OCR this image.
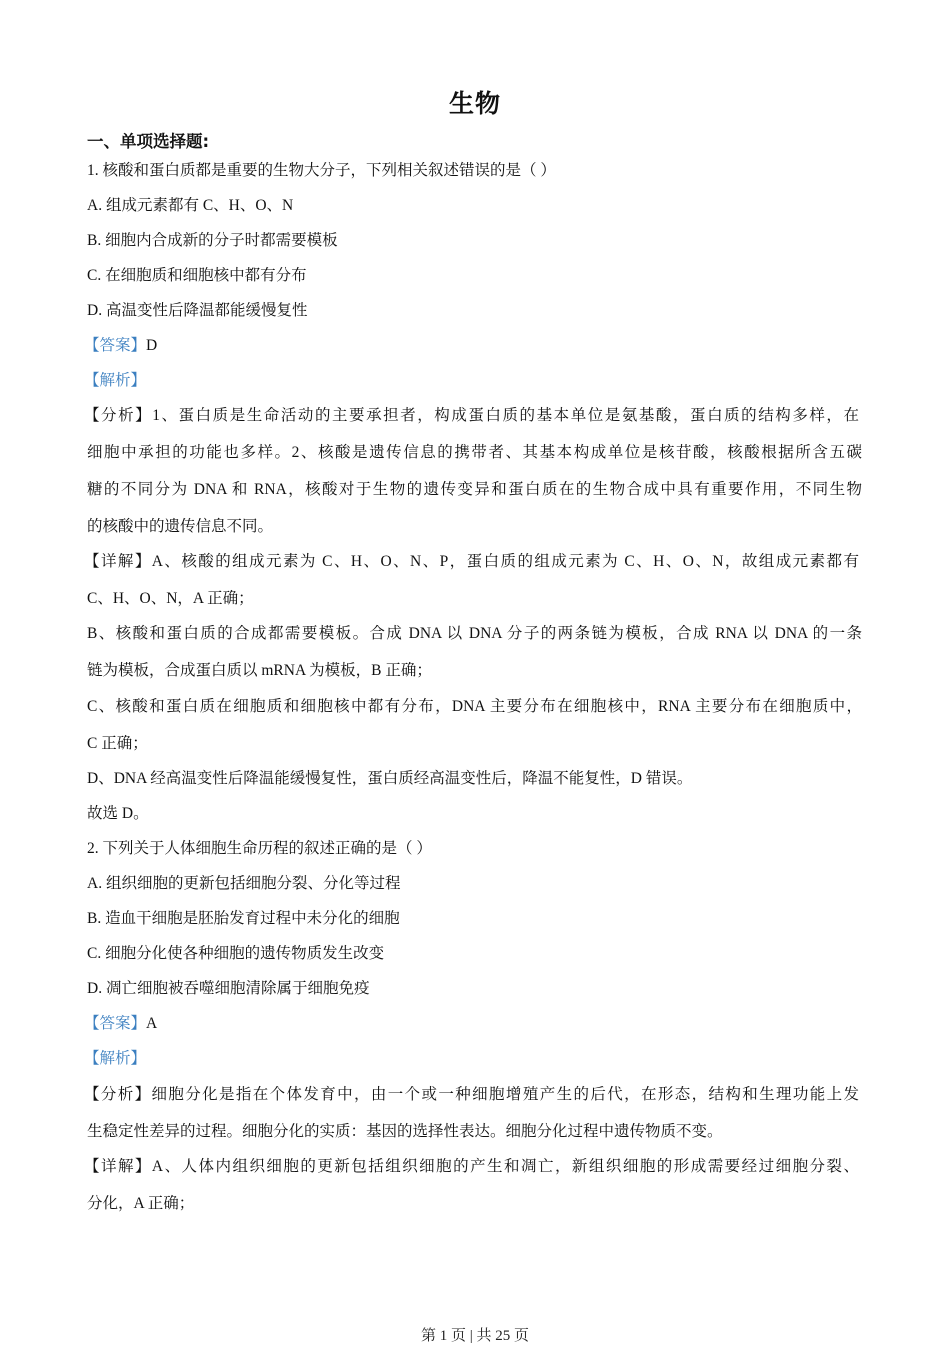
生物
一、单项选择题:
1. 核酸和蛋白质都是重要的生物大分子，下列相关叙述错误的是（ ）
A. 组成元素都有 C、H、O、N
B. 细胞内合成新的分子时都需要模板
C. 在细胞质和细胞核中都有分布
D. 高温变性后降温都能缓慢复性
【答案】D
【解析】
【分析】1、蛋白质是生命活动的主要承担者，构成蛋白质的基本单位是氨基酸，蛋白质的结构多样，在
细胞中承担的功能也多样。2、核酸是遗传信息的携带者、其基本构成单位是核苷酸，核酸根据所含五碳
糖的不同分为 DNA 和 RNA，核酸对于生物的遗传变异和蛋白质在的生物合成中具有重要作用，不同生物
的核酸中的遗传信息不同。
【详解】A、核酸的组成元素为 C、H、O、N、P，蛋白质的组成元素为 C、H、O、N，故组成元素都有
C、H、O、N，A 正确；
B、核酸和蛋白质的合成都需要模板。合成 DNA 以 DNA 分子的两条链为模板，合成 RNA 以 DNA 的一条
链为模板，合成蛋白质以 mRNA 为模板，B 正确；
C、核酸和蛋白质在细胞质和细胞核中都有分布，DNA 主要分布在细胞核中，RNA 主要分布在细胞质中，
C 正确；
D、DNA 经高温变性后降温能缓慢复性，蛋白质经高温变性后，降温不能复性，D 错误。
故选 D。
2. 下列关于人体细胞生命历程的叙述正确的是（ ）
A. 组织细胞的更新包括细胞分裂、分化等过程
B. 造血干细胞是胚胎发育过程中未分化的细胞
C. 细胞分化使各种细胞的遗传物质发生改变
D. 凋亡细胞被吞噬细胞清除属于细胞免疫
【答案】A
【解析】
【分析】细胞分化是指在个体发育中，由一个或一种细胞增殖产生的后代，在形态，结构和生理功能上发
生稳定性差异的过程。细胞分化的实质：基因的选择性表达。细胞分化过程中遗传物质不变。
【详解】A、人体内组织细胞的更新包括组织细胞的产生和凋亡，新组织细胞的形成需要经过细胞分裂、
分化，A 正确；
第 1 页 | 共 25 页
